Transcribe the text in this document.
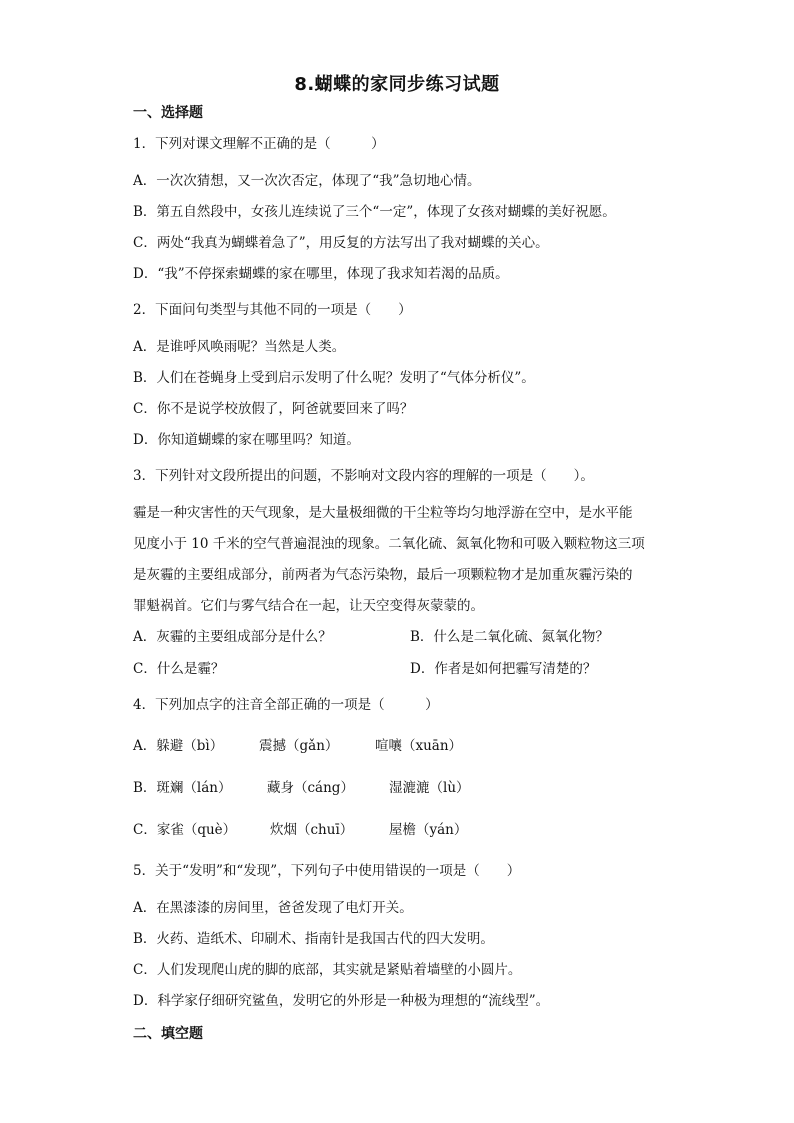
8.蝴蝶的家同步练习试题
一、选择题
1．下列对课文理解不正确的是（　　　）
A．一次次猜想，又一次次否定，体现了“我”急切地心情。
B．第五自然段中，女孩儿连续说了三个“一定”，体现了女孩对蝴蝶的美好祝愿。
C．两处“我真为蝴蝶着急了”，用反复的方法写出了我对蝴蝶的关心。
D．“我”不停探索蝴蝶的家在哪里，体现了我求知若渴的品质。
2．下面问句类型与其他不同的一项是（　　）
A．是谁呼风唤雨呢？当然是人类。
B．人们在苍蝇身上受到启示发明了什么呢？发明了“气体分析仪”。
C．你不是说学校放假了，阿爸就要回来了吗？
D．你知道蝴蝶的家在哪里吗？知道。
3．下列针对文段所提出的问题，不影响对文段内容的理解的一项是（　　）。
霾是一种灾害性的天气现象，是大量极细微的干尘粒等均匀地浮游在空中，是水平能
见度小于 10 千米的空气普遍混浊的现象。二氧化硫、氮氧化物和可吸入颗粒物这三项
是灰霾的主要组成部分，前两者为气态污染物，最后一项颗粒物才是加重灰霾污染的
罪魁祸首。它们与雾气结合在一起，让天空变得灰蒙蒙的。
A．灰霾的主要组成部分是什么？	B．什么是二氧化硫、氮氧化物？
C．什么是霾？	D．作者是如何把霾写清楚的？
4．下列加点字的注音全部正确的一项是（　　　）
A．躲避（bì）	震撼（gǎn）	喧嚷（xuān）
B．斑斓（lán）	藏身（cáng）	湿漉漉（lù）
C．家雀（què）	炊烟（chuī）	屋檐（yán）
5．关于“发明”和“发现”，下列句子中使用错误的一项是（　　）
A．在黑漆漆的房间里，爸爸发现了电灯开关。
B．火药、造纸术、印刷术、指南针是我国古代的四大发明。
C．人们发现爬山虎的脚的底部，其实就是紧贴着墙壁的小圆片。
D．科学家仔细研究鲨鱼，发明它的外形是一种极为理想的“流线型”。
二、填空题
